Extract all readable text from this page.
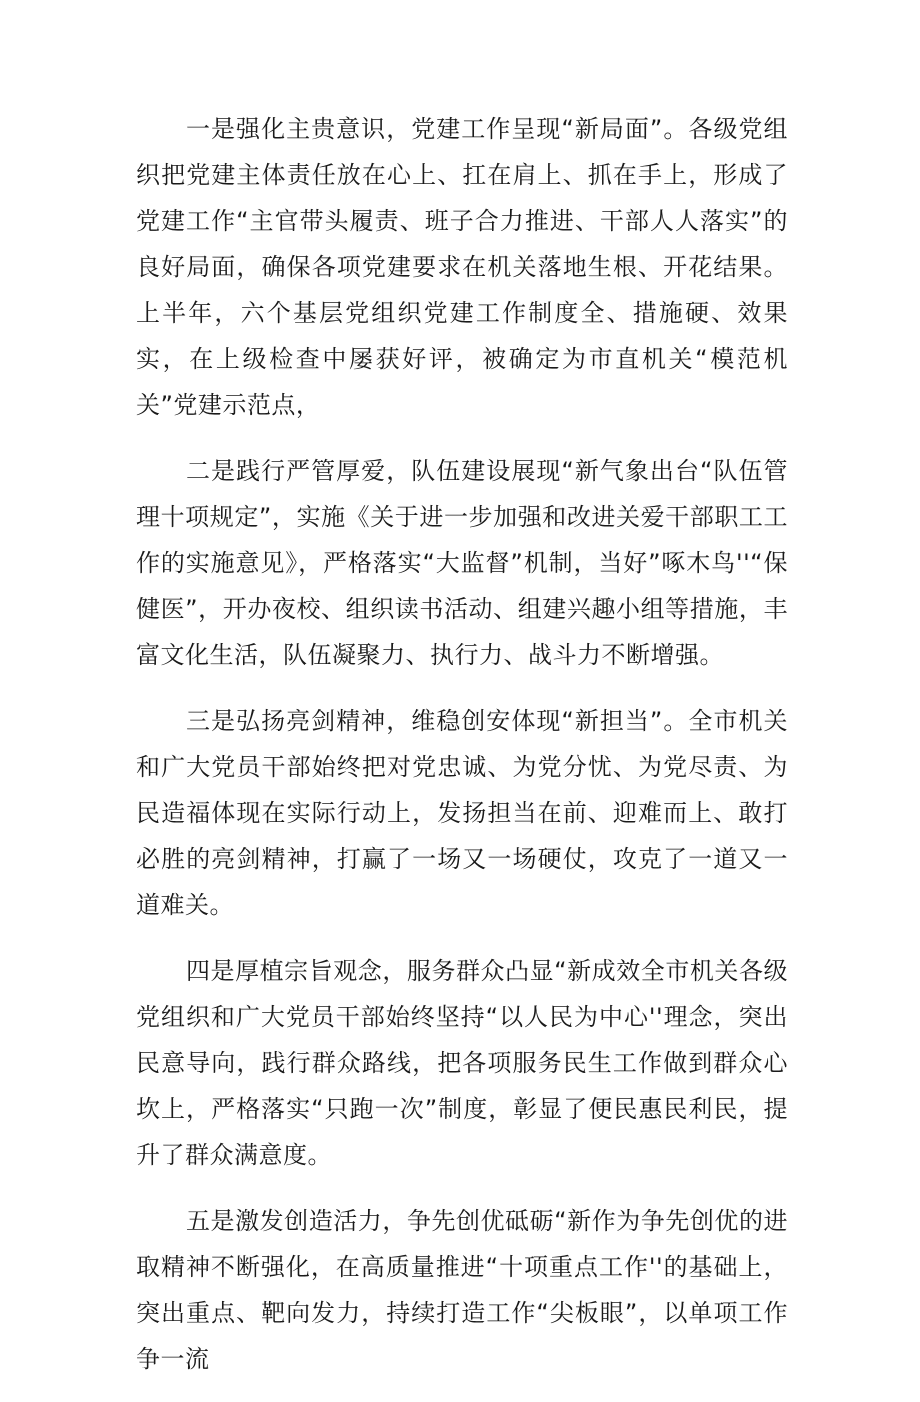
一是强化主贵意识，党建工作呈现“新局面”。各级党组织把党建主体责任放在心上、扛在肩上、抓在手上，形成了党建工作“主官带头履责、班子合力推进、干部人人落实”的良好局面，确保各项党建要求在机关落地生根、开花结果。上半年，六个基层党组织党建工作制度全、措施硬、效果实，在上级检查中屡获好评，被确定为市直机关“模范机关”党建示范点，

二是践行严管厚爱，队伍建设展现“新气象出台“队伍管理十项规定”，实施《关于进一步加强和改进关爱干部职工工作的实施意见》，严格落实“大监督”机制，当好”啄木鸟''“保健医”，开办夜校、组织读书活动、组建兴趣小组等措施，丰富文化生活，队伍凝聚力、执行力、战斗力不断增强。

三是弘扬亮剑精神，维稳创安体现“新担当”。全市机关和广大党员干部始终把对党忠诚、为党分忧、为党尽责、为民造福体现在实际行动上，发扬担当在前、迎难而上、敢打必胜的亮剑精神，打赢了一场又一场硬仗，攻克了一道又一道难关。

四是厚植宗旨观念，服务群众凸显“新成效全市机关各级党组织和广大党员干部始终坚持“以人民为中心''理念，突出民意导向，践行群众路线，把各项服务民生工作做到群众心坎上，严格落实“只跑一次”制度，彰显了便民惠民利民，提升了群众满意度。

五是激发创造活力，争先创优砥砺“新作为争先创优的进取精神不断强化，在高质量推进“十项重点工作''的基础上，突出重点、靶向发力，持续打造工作“尖板眼”，以单项工作争一流
